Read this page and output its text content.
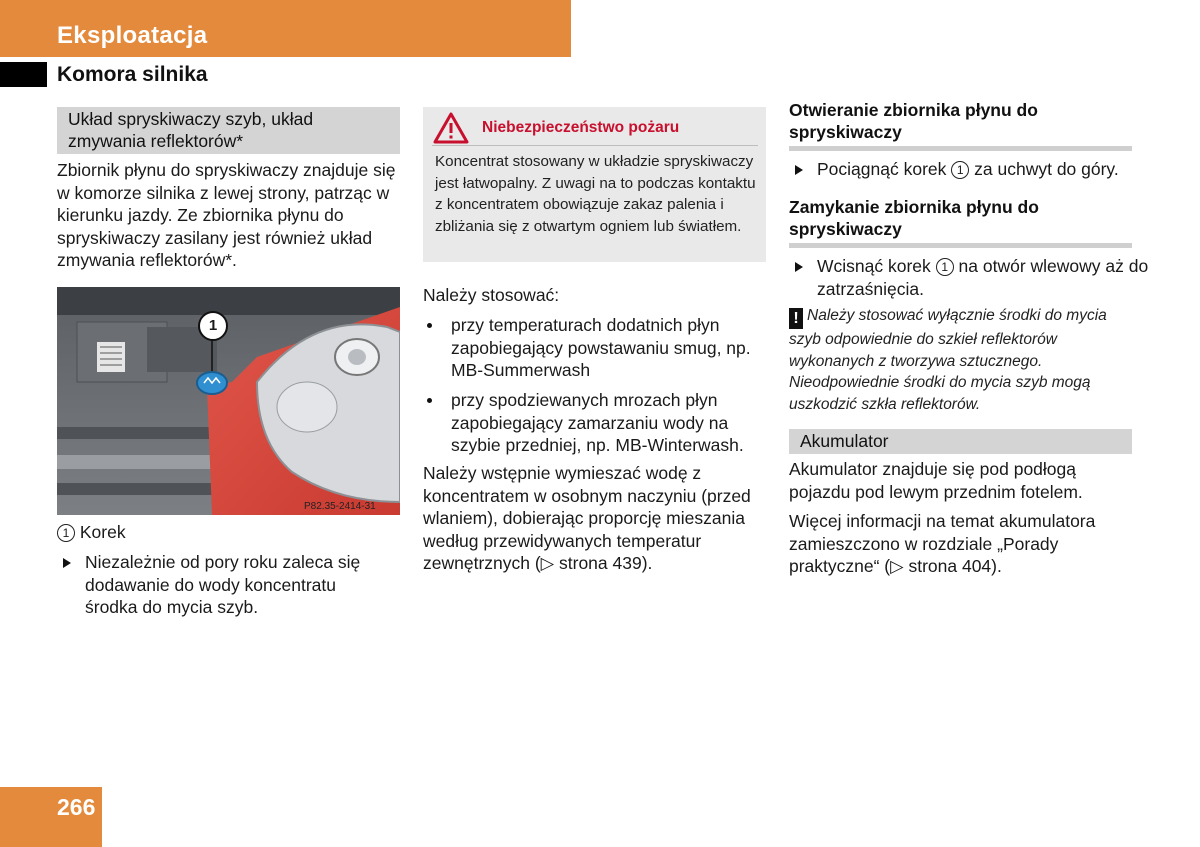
Eksploatacja
Komora silnika
Układ spryskiwaczy szyb, układ zmywania reflektorów*

Zbiornik płynu do spryskiwaczy znajduje się w komorze silnika z lewej strony, patrząc w kierunku jazdy. Ze zbiornika płynu do spryskiwaczy zasilany jest również układ zmywania reflektorów*.

P82.35-2414-31
1
1 Korek
Niezależnie od pory roku zaleca się dodawanie do wody koncentratu środka do mycia szyb.
Niebezpieczeństwo pożaru
Koncentrat stosowany w układzie spryskiwaczy jest łatwopalny. Z uwagi na to podczas kontaktu z koncentratem obowiązuje zakaz palenia i zbliżania się z otwartym ogniem lub światłem.

Należy stosować:

przy temperaturach dodatnich płyn zapobiegający powstawaniu smug, np. MB-Summerwash
przy spodziewanych mrozach płyn zapobiegający zamarzaniu wody na szybie przedniej, np. MB-Winterwash.

Należy wstępnie wymieszać wodę z koncentratem w osobnym naczyniu (przed wlaniem), dobierając proporcję mieszania według przewidywanych temperatur zewnętrznych (▷ strona 439).

Otwieranie zbiornika płynu do spryskiwaczy
Pociągnąć korek 1 za uchwyt do góry.
Zamykanie zbiornika płynu do spryskiwaczy
Wcisnąć korek 1 na otwór wlewowy aż do zatrzaśnięcia.
! Należy stosować wyłącznie środki do mycia szyb odpowiednie do szkieł reflektorów wykonanych z tworzywa sztucznego. Nieodpowiednie środki do mycia szyb mogą uszkodzić szkła reflektorów.
Akumulator

Akumulator znajduje się pod podłogą pojazdu pod lewym przednim fotelem.

Więcej informacji na temat akumulatora zamieszczono w rozdziale „Porady praktyczne“ (▷ strona 404).

266
